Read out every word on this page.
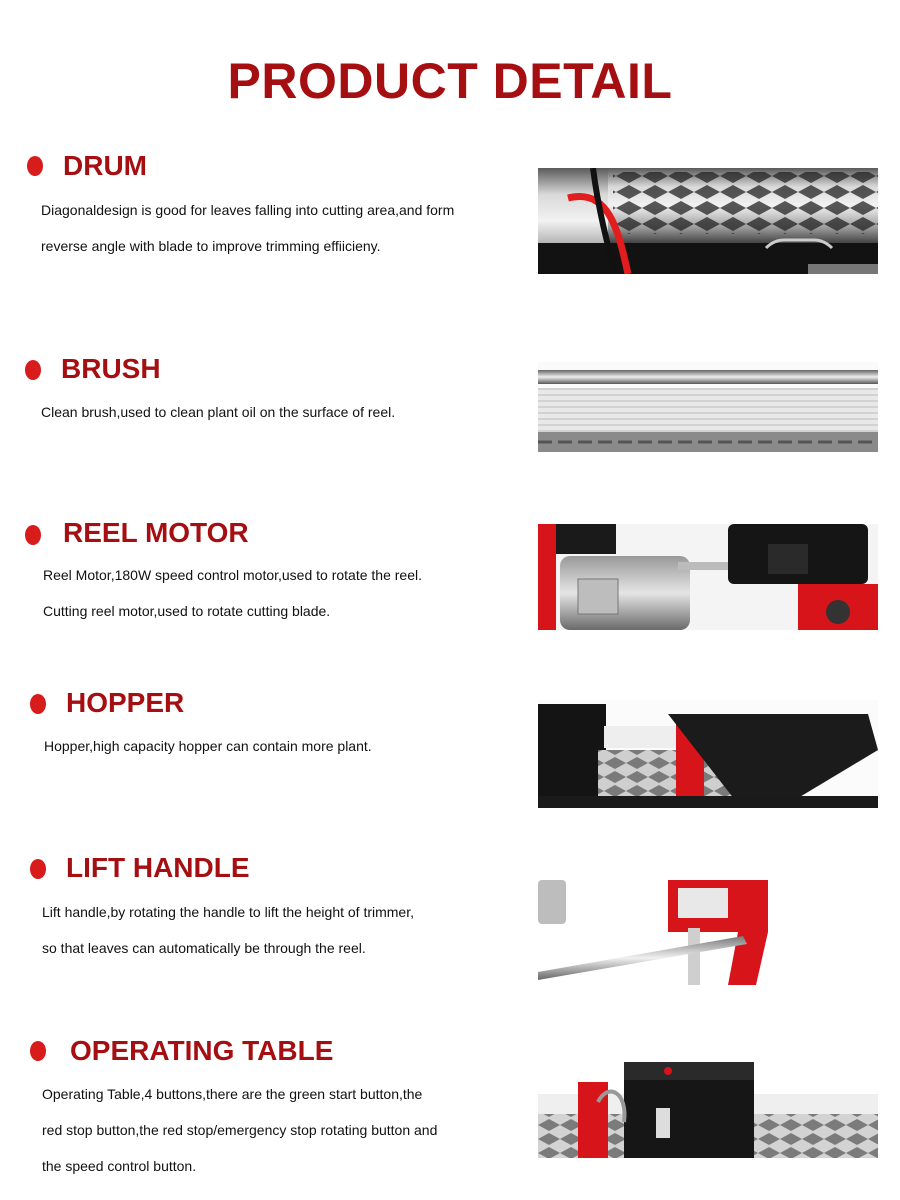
PRODUCT DETAIL
DRUM
Diagonaldesign is good for leaves falling into cutting area,and form
reverse angle with blade to improve trimming effiicieny.
BRUSH
Clean brush,used to clean plant oil on the surface of reel.
REEL MOTOR
Reel Motor,180W speed control motor,used to rotate the reel.
Cutting reel motor,used to rotate cutting blade.
HOPPER
Hopper,high capacity hopper can contain more plant.
LIFT HANDLE
Lift handle,by rotating the handle to lift the height of trimmer,
so that leaves can automatically be through the reel.
OPERATING TABLE
Operating Table,4 buttons,there are the green start button,the
red stop button,the red stop/emergency stop rotating button and
the speed control button.
